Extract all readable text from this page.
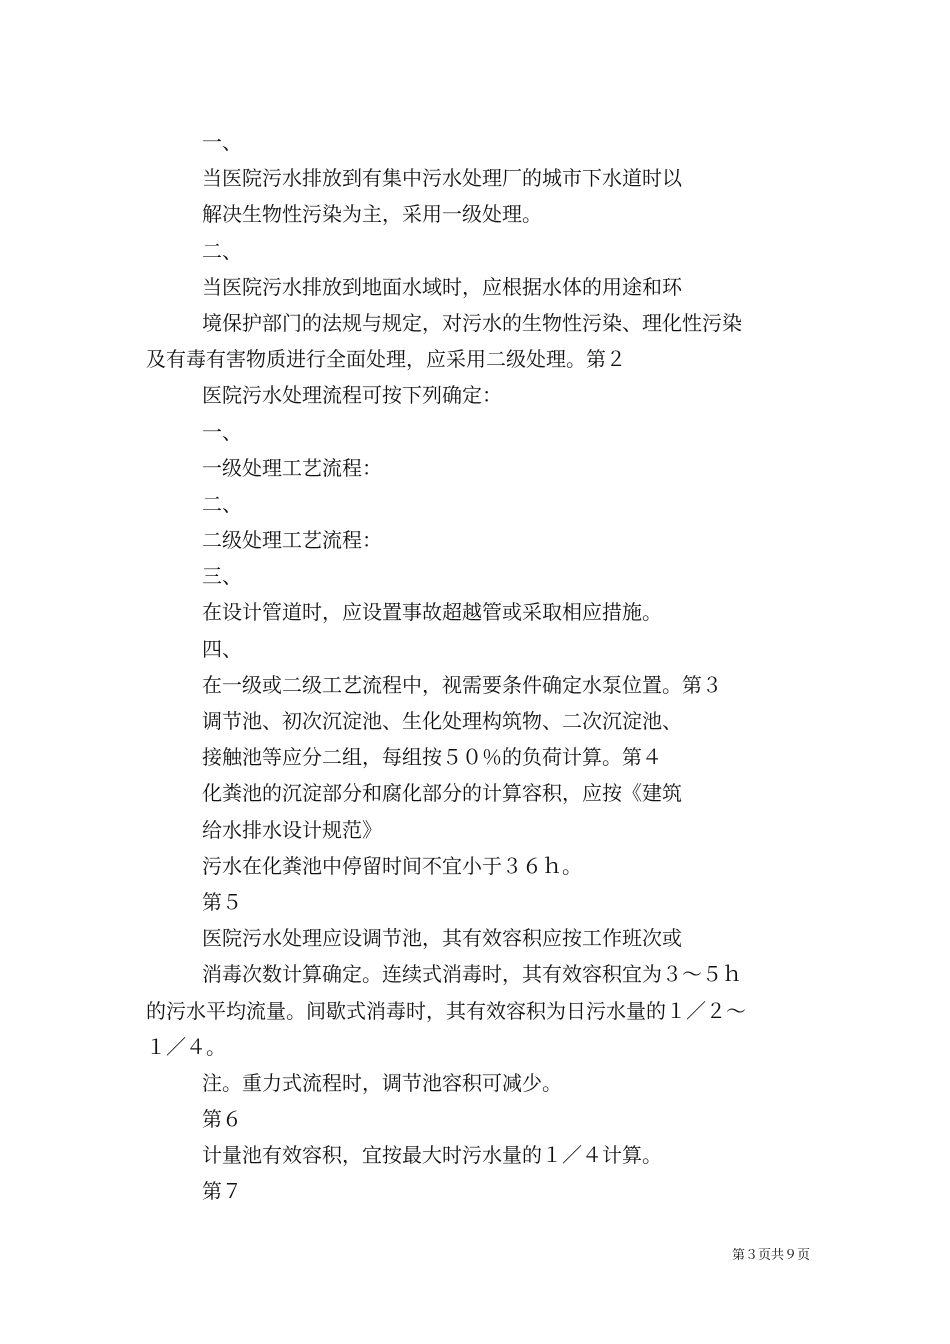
一、
当医院污水排放到有集中污水处理厂的城市下水道时以
解决生物性污染为主，采用一级处理。
二、
当医院污水排放到地面水域时，应根据水体的用途和环
境保护部门的法规与规定，对污水的生物性污染、理化性污染
及有毒有害物质进行全面处理，应采用二级处理。第２
医院污水处理流程可按下列确定：
一、
一级处理工艺流程：
二、
二级处理工艺流程：
三、
在设计管道时，应设置事故超越管或采取相应措施。
四、
在一级或二级工艺流程中，视需要条件确定水泵位置。第３
调节池、初次沉淀池、生化处理构筑物、二次沉淀池、
接触池等应分二组，每组按５０％的负荷计算。第４
化粪池的沉淀部分和腐化部分的计算容积，应按《建筑
给水排水设计规范》
污水在化粪池中停留时间不宜小于３６ｈ。
第５
医院污水处理应设调节池，其有效容积应按工作班次或
消毒次数计算确定。连续式消毒时，其有效容积宜为３～５ｈ
的污水平均流量。间歇式消毒时，其有效容积为日污水量的１／２～
１／４。
注。重力式流程时，调节池容积可减少。
第６
计量池有效容积，宜按最大时污水量的１／４计算。
第７
第３页共９页
